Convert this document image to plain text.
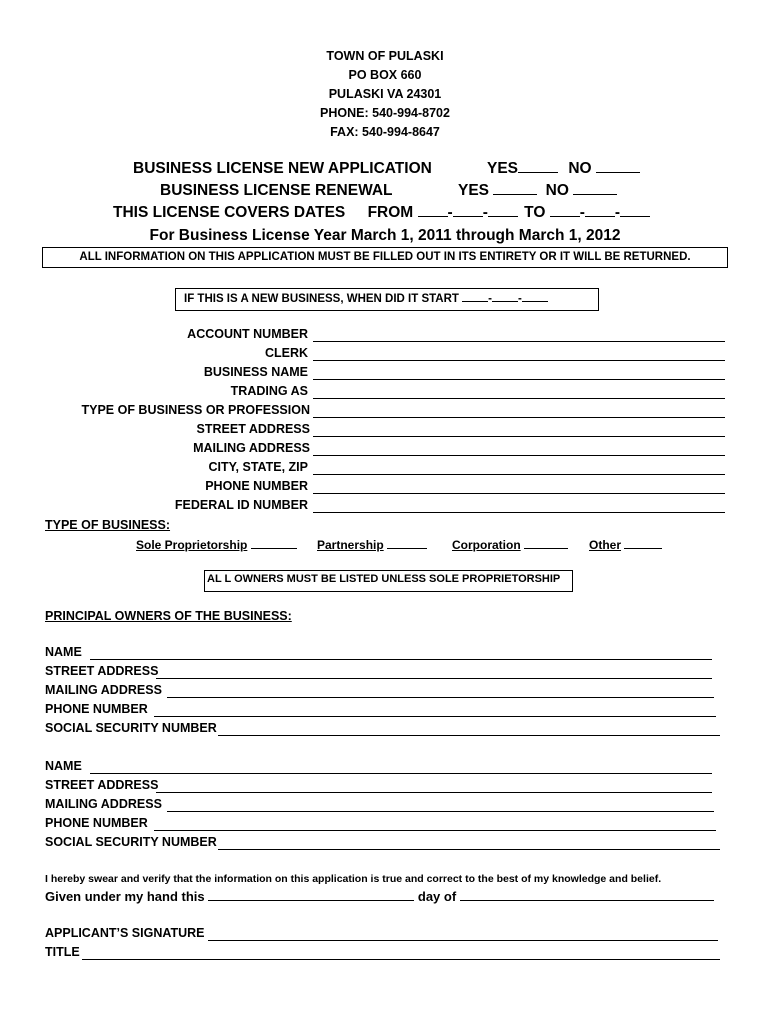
TOWN OF PULASKI
PO BOX 660
PULASKI VA 24301
PHONE: 540-994-8702
FAX: 540-994-8647
BUSINESS LICENSE NEW APPLICATION	YES	NO
BUSINESS LICENSE RENEWAL	YES	NO
THIS LICENSE COVERS DATES FROM - - TO - -
For Business License Year March 1, 2011 through March 1, 2012
ALL INFORMATION ON THIS APPLICATION MUST BE FILLED OUT IN ITS ENTIRETY OR IT WILL BE RETURNED.
IF THIS IS A NEW BUSINESS, WHEN DID IT START	- -
ACCOUNT NUMBER
CLERK
BUSINESS NAME
TRADING AS
TYPE OF BUSINESS OR PROFESSION
STREET ADDRESS
MAILING ADDRESS
CITY, STATE, ZIP
PHONE NUMBER
FEDERAL ID NUMBER
TYPE OF BUSINESS:
Sole Proprietorship	Partnership	Corporation	Other
AL L OWNERS MUST BE LISTED UNLESS SOLE PROPRIETORSHIP
PRINCIPAL OWNERS OF THE BUSINESS:
NAME
STREET ADDRESS
MAILING ADDRESS
PHONE NUMBER
SOCIAL SECURITY NUMBER
NAME
STREET ADDRESS
MAILING ADDRESS
PHONE NUMBER
SOCIAL SECURITY NUMBER
I hereby swear and verify that the information on this application is true and correct to the best of my knowledge and belief.
Given under my hand this	day of
APPLICANT’S SIGNATURE
TITLE
